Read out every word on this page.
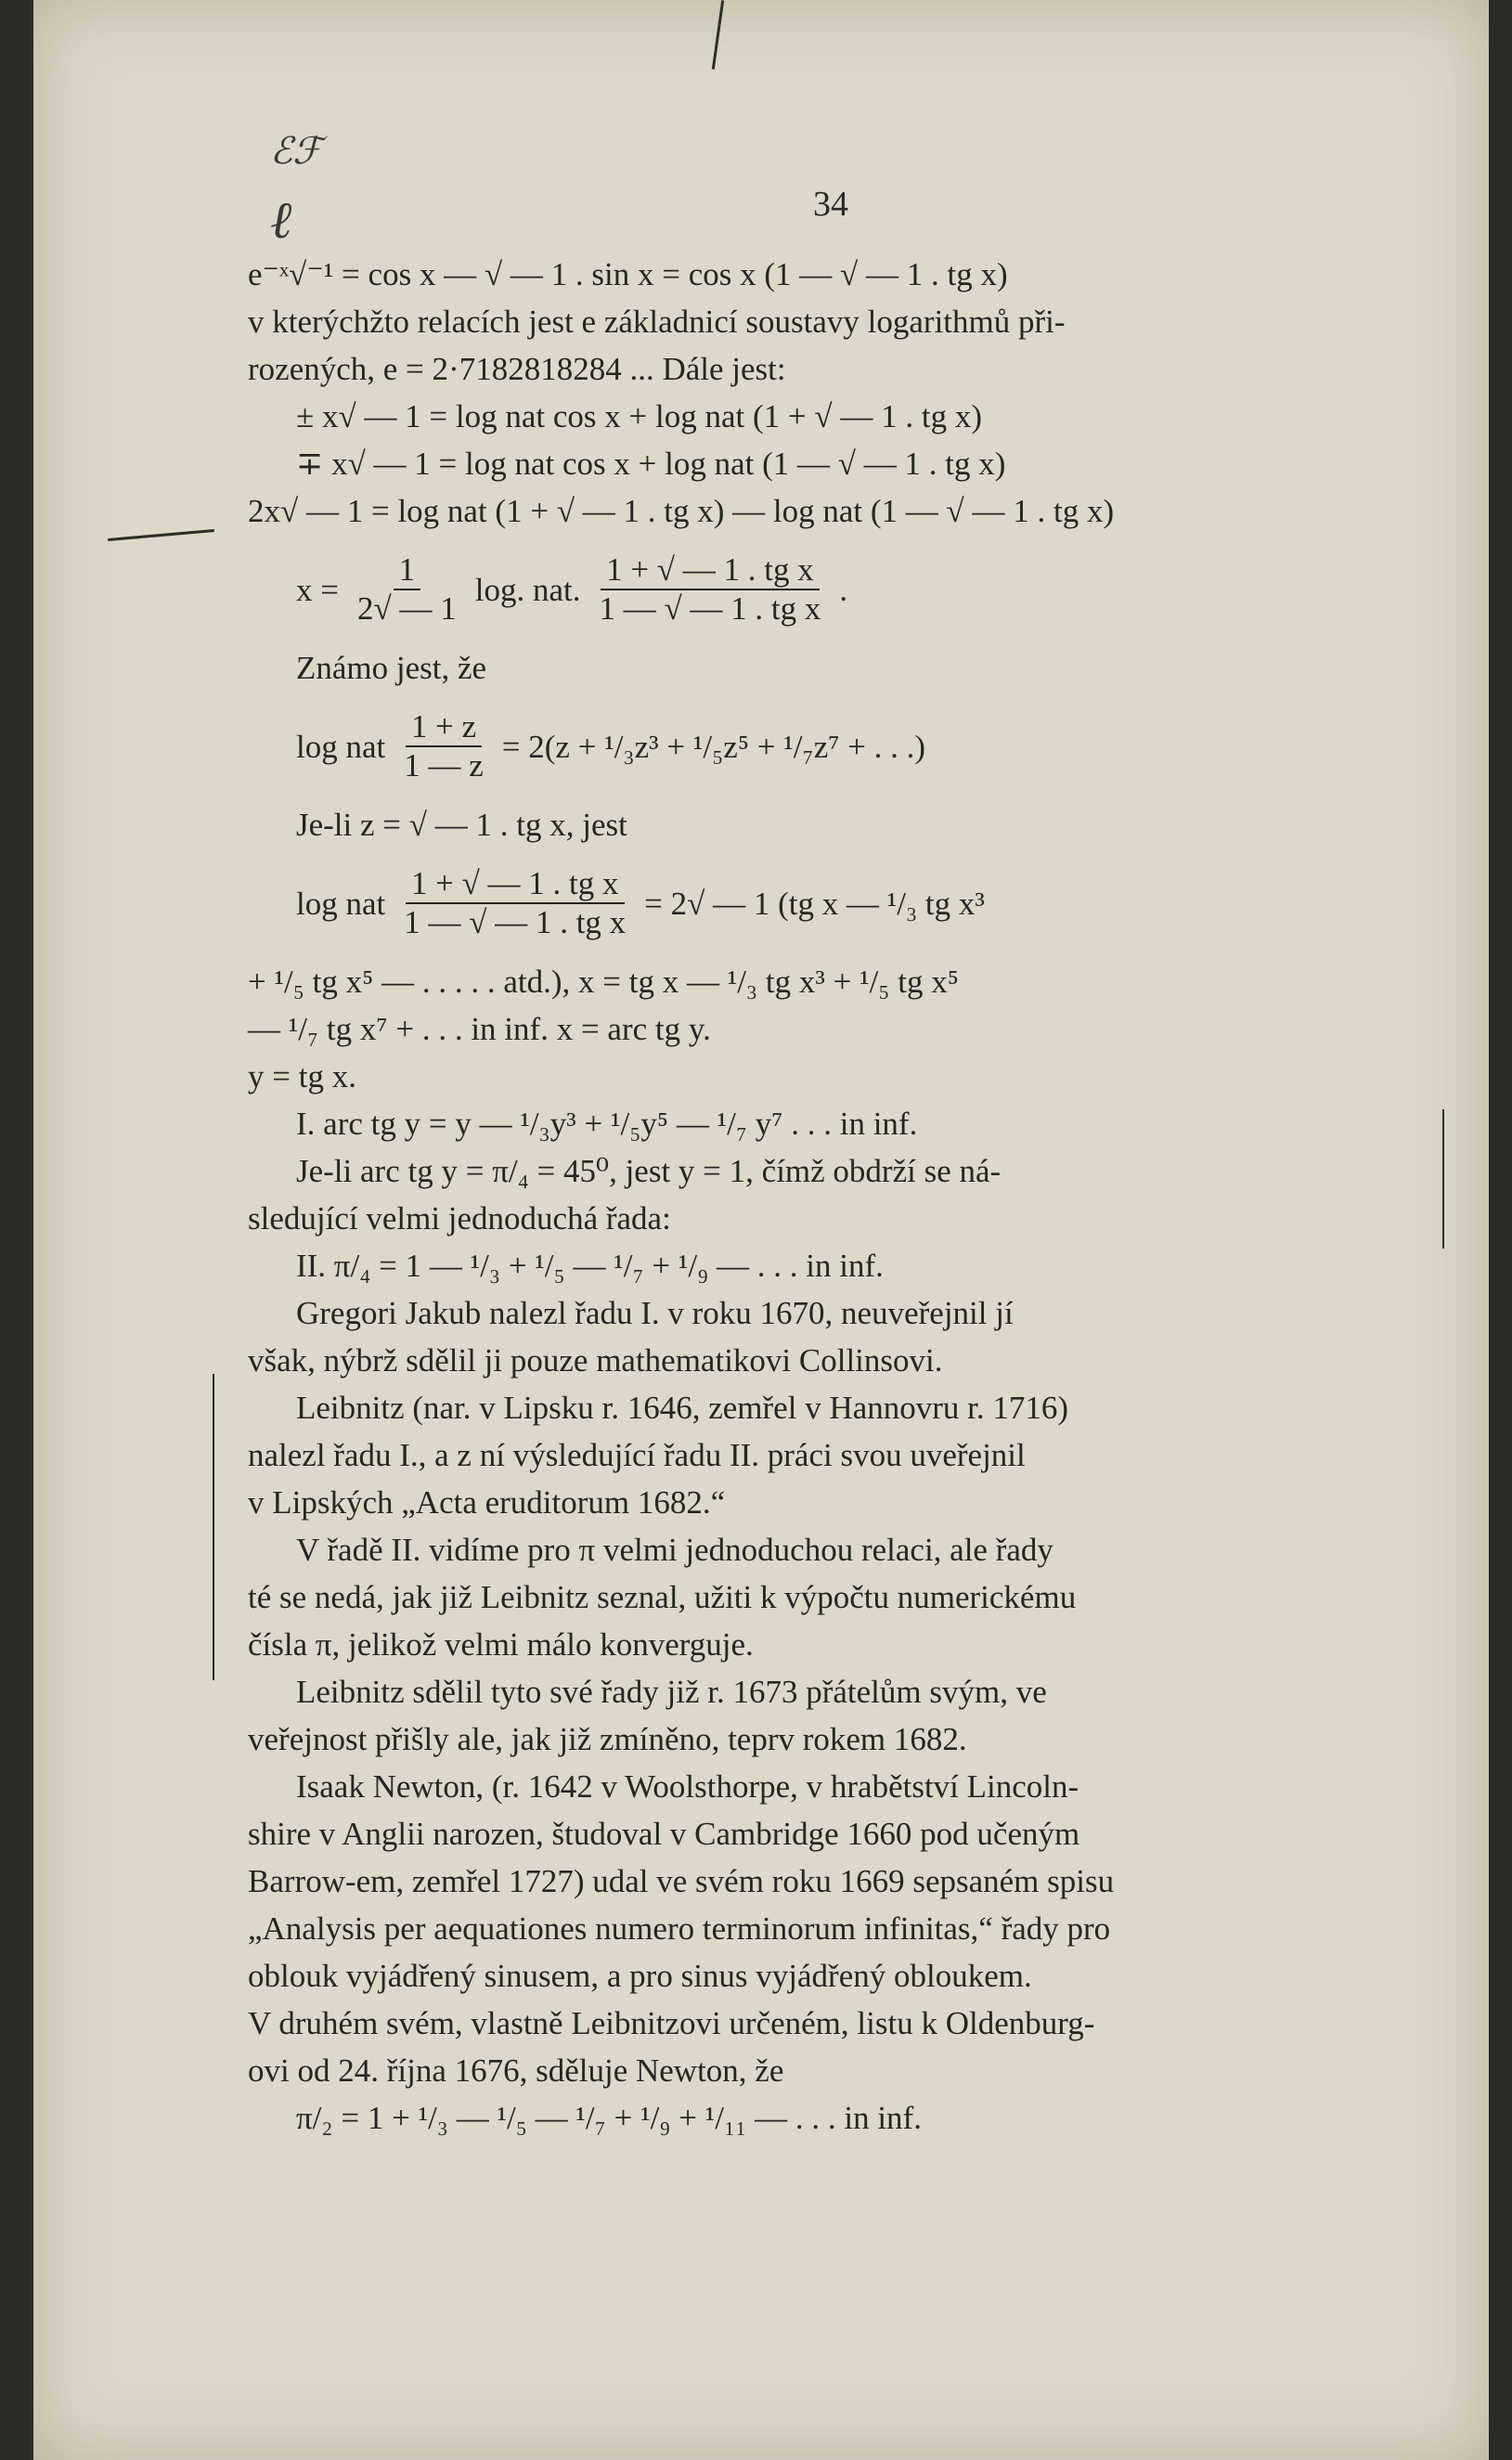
ℰℱ
ℓ	34
e⁻ˣ√⁻¹ = cos x — √ — 1 . sin x = cos x (1 — √ — 1 . tg x)
v kterýchžto relacích jest e základnicí soustavy logarithmů při-
rozených, e = 2·7182818284 ... Dále jest:
± x√ — 1 = log nat cos x + log nat (1 + √ — 1 . tg x)
∓ x√ — 1 = log nat cos x + log nat (1 — √ — 1 . tg x)
2x√ — 1 = log nat (1 + √ — 1 . tg x) — log nat (1 — √ — 1 . tg x)
$x = \frac{1}{2√ — 1} \log$. nat. $\frac{\text{1 + √ — 1 . tg x}}{\text{1 — √ — 1 . tg x}}$ .
Známo jest, že
log nat $\frac{1 + z}{1 — z} = 2(z + ^1/_3z^3 + ^1/_5z^5 + ^1/_7z^7$ + . . .)
Je-li z = √ — 1 . tg x, jest
log nat $\frac{\text{1 + √ — 1 . tg x}}{\text{1 — √ — 1 . tg x}} = 2√$ — 1 (tg x — ¹/₃ tg x³
+ ¹/₅ tg x⁵ — . . . . . atd.), x = tg x — ¹/₃ tg x³ + ¹/₅ tg x⁵
— ¹/₇ tg x⁷ + . . . in inf. x = arc tg y.
y = tg x.
I. arc tg y = y — ¹/₃y³ + ¹/₅y⁵ — ¹/₇ y⁷ . . . in inf.
Je-li arc tg y = π/₄ = 45⁰, jest y = 1, čímž obdrží se ná-
sledující velmi jednoduchá řada:
II. π/₄ = 1 — ¹/₃ + ¹/₅ — ¹/₇ + ¹/₉ — . . . in inf.
Gregori Jakub nalezl řadu I. v roku 1670, neuveřejnil jí
však, nýbrž sdělil ji pouze mathematikovi Collinsovi.
Leibnitz (nar. v Lipsku r. 1646, zemřel v Hannovru r. 1716)
nalezl řadu I., a z ní výsledující řadu II. práci svou uveřejnil
v Lipských „Acta eruditorum 1682.“
V řadě II. vidíme pro π velmi jednoduchou relaci, ale řady
té se nedá, jak již Leibnitz seznal, užiti k výpočtu numerickému
čísla π, jelikož velmi málo konverguje.
Leibnitz sdělil tyto své řady již r. 1673 přátelům svým, ve
veřejnost přišly ale, jak již zmíněno, teprv rokem 1682.
Isaak Newton, (r. 1642 v Woolsthorpe, v hrabětství Lincoln-
shire v Anglii narozen, študoval v Cambridge 1660 pod učeným
Barrow-em, zemřel 1727) udal ve svém roku 1669 sepsaném spisu
„Analysis per aequationes numero terminorum infinitas,“ řady pro
oblouk vyjádřený sinusem, a pro sinus vyjádřený obloukem.
V druhém svém, vlastně Leibnitzovi určeném, listu k Oldenburg-
ovi od 24. října 1676, sděluje Newton, že
π/₂ = 1 + ¹/₃ — ¹/₅ — ¹/₇ + ¹/₉ + ¹/₁₁ — . . . in inf.
